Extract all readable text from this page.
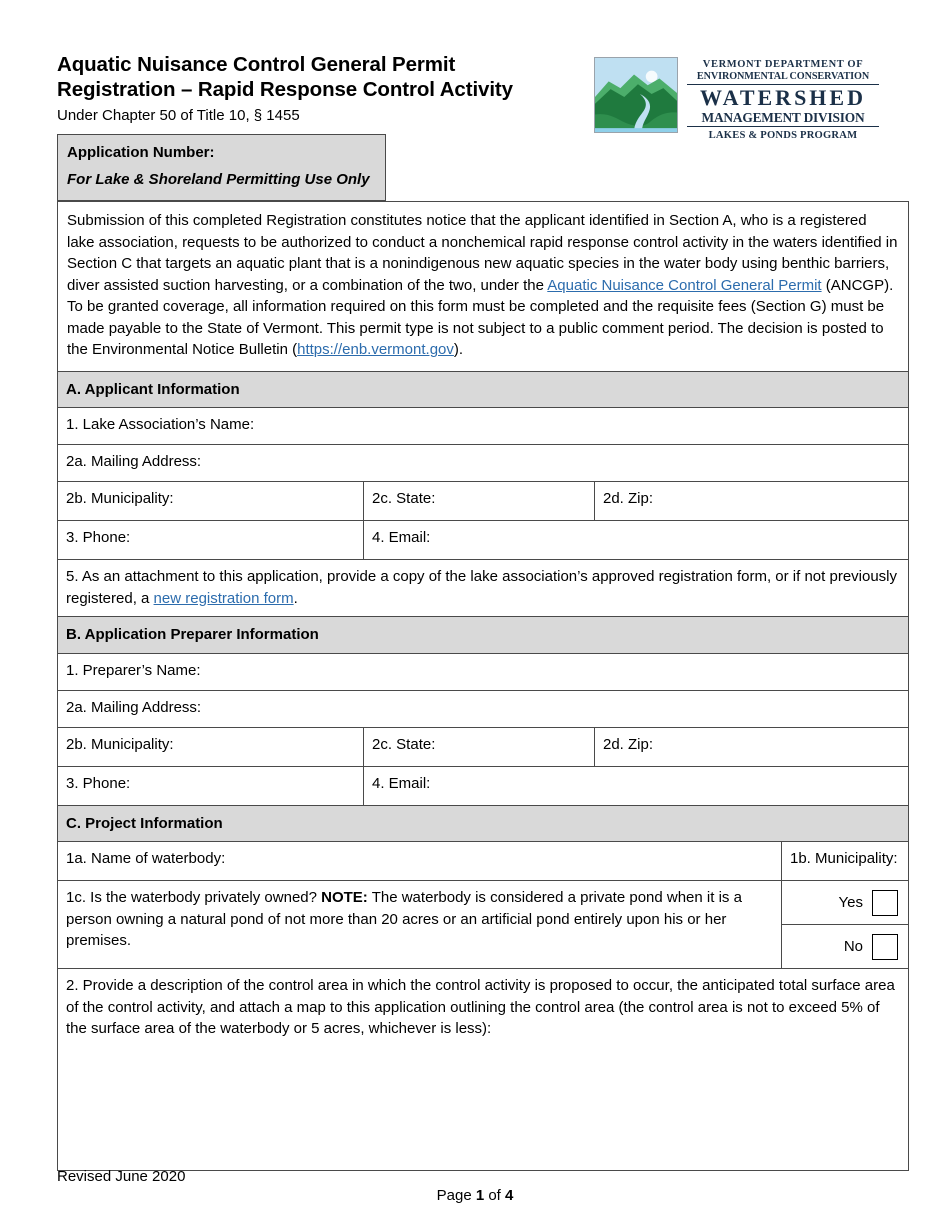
Aquatic Nuisance Control General Permit
Registration – Rapid Response Control Activity
Under Chapter 50 of Title 10, § 1455
VERMONT DEPARTMENT OF
ENVIRONMENTAL CONSERVATION
WATERSHED
MANAGEMENT DIVISION
LAKES & PONDS PROGRAM
Application Number:
For Lake & Shoreland Permitting Use Only

Submission of this completed Registration constitutes notice that the applicant identified in Section A, who is a registered lake association, requests to be authorized to conduct a nonchemical rapid response control activity in the waters identified in Section C that targets an aquatic plant that is a nonindigenous new aquatic species in the water body using benthic barriers, diver assisted suction harvesting, or a combination of the two, under the Aquatic Nuisance Control General Permit (ANCGP). To be granted coverage, all information required on this form must be completed and the requisite fees (Section G) must be made payable to the State of Vermont. This permit type is not subject to a public comment period. The decision is posted to the Environmental Notice Bulletin (https://enb.vermont.gov).			

A. Applicant Information			
1. Lake Association’s Name:			
2a. Mailing Address:			
2b. Municipality:	2c. State:	2d. Zip:	
3. Phone:	4. Email:		
5. As an attachment to this application, provide a copy of the lake association’s approved registration form, or if not previously registered, a new registration form.			
B. Application Preparer Information			
1. Preparer’s Name:			
2a. Mailing Address:			
2b. Municipality:	2c. State:	2d. Zip:	
3. Phone:	4. Email:		
C. Project Information			
1a. Name of waterbody:			1b. Municipality:
1c. Is the waterbody privately owned? NOTE: The waterbody is considered a private pond when it is a person owning a natural pond of not more than 20 acres or an artificial pond entirely upon his or her premises.			Yes

			No

2. Provide a description of the control area in which the control activity is proposed to occur, the anticipated total surface area of the control activity, and attach a map to this application outlining the control area (the control area is not to exceed 5% of the surface area of the waterbody or 5 acres, whichever is less):			
Revised June 2020
Page 1 of 4
